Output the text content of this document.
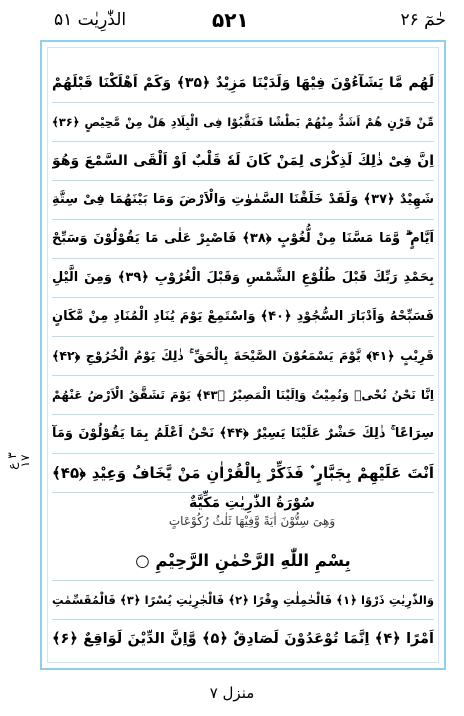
الذّٰرِیٰت ۵۱	۵۲۱	حٰمٓ ۲۶
۳ ع ۱۷
لَهُم مَّا یَشَآءُوْنَ فِیْهَا وَلَدَیْنَا مَزِیْدٌ ﴿۳۵﴾ وَكَمْ اَهْلَكْنَا قَبْلَهُمْ
مِّنْ قَرْنٍ هُمْ اَشَدُّ مِنْهُمْ بَطْشًا فَنَقَّبُوْا فِی الْبِلَادِ هَلْ مِنْ مَّحِیْصٍ ﴿۳۶﴾
اِنَّ فِیْ ذٰلِكَ لَذِكْرٰی لِمَنْ كَانَ لَهٗ قَلْبٌ اَوْ اَلْقَی السَّمْعَ وَهُوَ
شَهِیْدٌ ﴿۳۷﴾ وَلَقَدْ خَلَقْنَا السَّمٰوٰتِ وَالْاَرْضَ وَمَا بَیْنَهُمَا فِیْ سِتَّةِ
اَیَّامٍ ۖۗ وَّمَا مَسَّنَا مِنْ لُّغُوْبٍ ﴿۳۸﴾ فَاصْبِرْ عَلٰی مَا یَقُوْلُوْنَ وَسَبِّحْ
بِحَمْدِ رَبِّكَ قَبْلَ طُلُوْعِ الشَّمْسِ وَقَبْلَ الْغُرُوْبِ ﴿۳۹﴾ وَمِنَ الَّیْلِ
فَسَبِّحْهُ وَاَدْبَارَ السُّجُوْدِ ﴿۴۰﴾ وَاسْتَمِعْ یَوْمَ یُنَادِ الْمُنَادِ مِنْ مَّكَانٍ
قَرِیْبٍ ﴿۴۱﴾ یَّوْمَ یَسْمَعُوْنَ الصَّیْحَةَ بِالْحَقِّ ۚ ذٰلِكَ یَوْمُ الْخُرُوْجِ ﴿۴۲﴾
اِنَّا نَحْنُ نُحْیٖ وَنُمِیْتُ وَاِلَیْنَا الْمَصِیْرُ ﴿۴۳﴾ یَوْمَ تَشَقَّقُ الْاَرْضُ عَنْهُمْ
سِرَاعًا ۚ ذٰلِكَ حَشْرٌ عَلَیْنَا یَسِیْرٌ ﴿۴۴﴾ نَحْنُ اَعْلَمُ بِمَا یَقُوْلُوْنَ وَمَآ
اَنْتَ عَلَیْهِمْ بِجَبَّارٍ ۫ فَذَكِّرْ بِالْقُرْاٰنِ مَنْ یَّخَافُ وَعِیْدِ ﴿۴۵﴾
سُوْرَةُ الذّٰرِیٰتِ مَكِّیَّةٌ
وَهِیَ سِتُّوْنَ اٰیَةً وَّفِیْهَا ثَلٰثُ رُكُوْعَاتٍ
بِسْمِ اللّٰهِ الرَّحْمٰنِ الرَّحِیْمِ ○
وَالذّٰرِیٰتِ ذَرْوًا ﴿۱﴾ فَالْحٰمِلٰتِ وِقْرًا ﴿۲﴾ فَالْجٰرِیٰتِ یُسْرًا ﴿۳﴾ فَالْمُقَسِّمٰتِ
اَمْرًا ﴿۴﴾ اِنَّمَا تُوْعَدُوْنَ لَصَادِقٌ ﴿۵﴾ وَّاِنَّ الدِّیْنَ لَوَاقِعٌ ﴿۶﴾
منزل ۷
